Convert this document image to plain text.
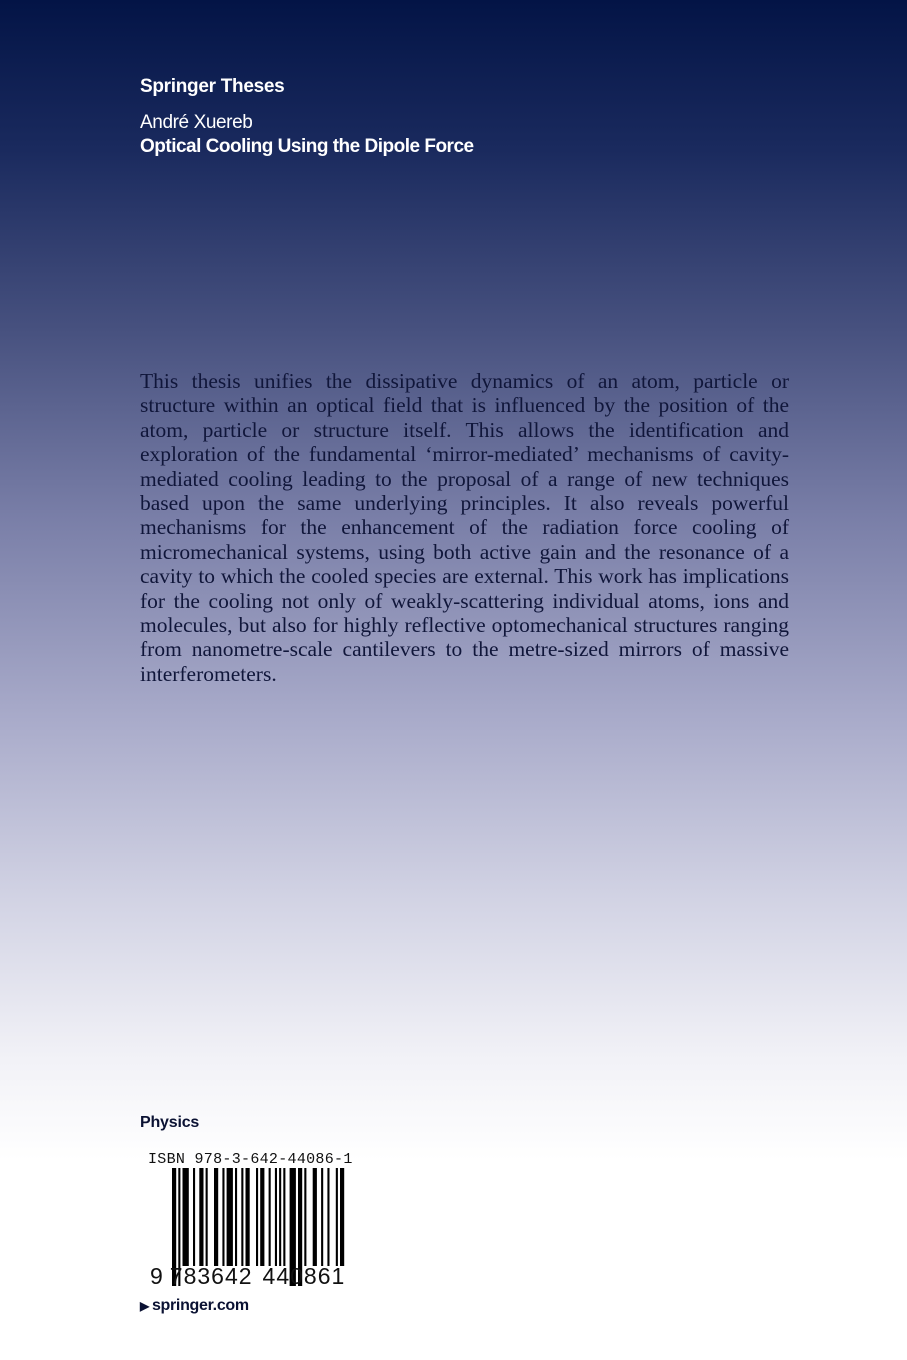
Springer Theses
André Xuereb
Optical Cooling Using the Dipole Force

This thesis unifies the dissipative dynamics of an atom, particle or structure within an optical field that is influenced by the position of the atom, particle or structure itself. This allows the identification and exploration of the fundamental ‘mirror-mediated’ mechanisms of cavity-mediated cooling leading to the proposal of a range of new techniques based upon the same underlying principles. It also reveals powerful mechanisms for the enhancement of the radiation force cooling of micromechanical systems, using both active gain and the resonance of a cavity to which the cooled species are external. This work has implications for the cooling not only of weakly-scattering individual atoms, ions and molecules, but also for highly reflective optomechanical structures ranging from nanometre-scale cantilevers to the metre-sized mirrors of massive interferometers.

Physics
ISBN 978-3-642-44086-1
9 783642 440861
▶ springer.com
